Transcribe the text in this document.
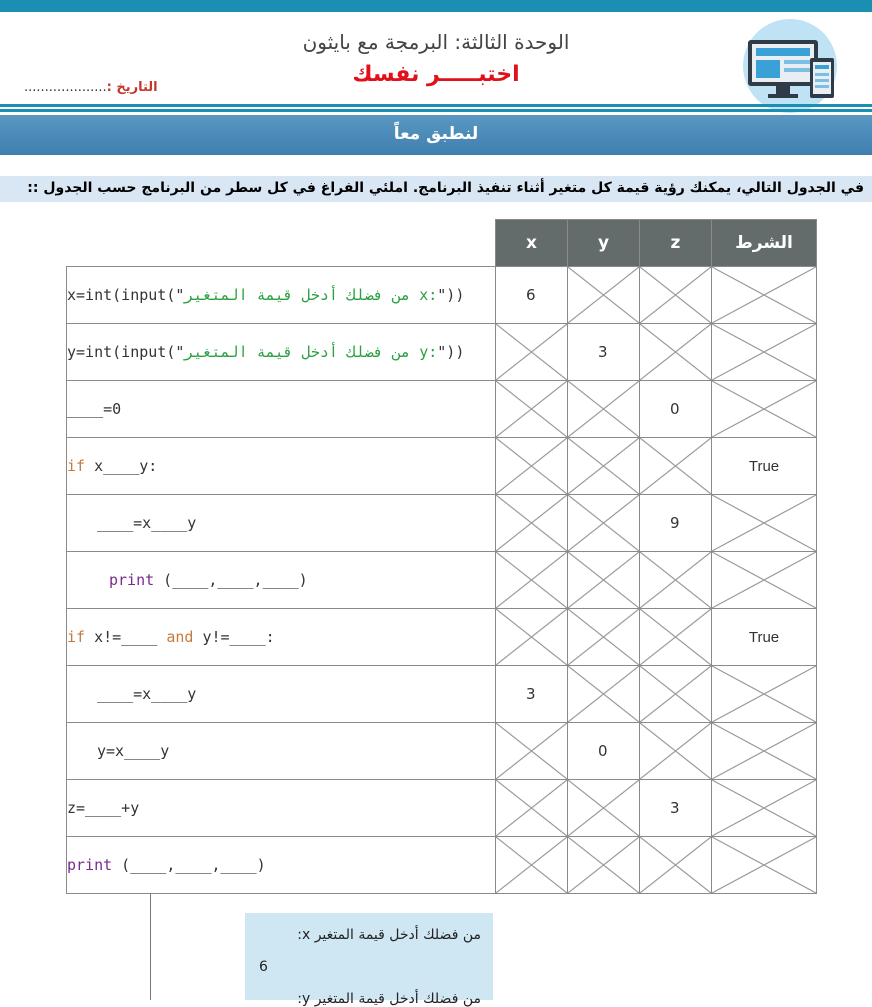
الوحدة الثالثة: البرمجة مع بايثون
اختبـــــر نفسك
التاريخ :....................
لنطبق معاً
في الجدول التالي، يمكنك رؤية قيمة كل متغير أثناء تنفيذ البرنامج. املئي الفراغ في كل سطر من البرنامج حسب الجدول ::
	x	y	z	الشرط
x=int(input("من فضلك أدخل قيمة المتغير x:"))	6

y=int(input("من فضلك أدخل قيمة المتغير y:"))		3

____=0			0

if x____y:				True
____=x____y			9

print (____,____,____)	

if x!=____ and y!=____:				True
____=x____y	3

y=x____y		0

z=____+y			3

print (____,____,____)	

من فضلك أدخل قيمة المتغير x:
6
من فضلك أدخل قيمة المتغير y:
